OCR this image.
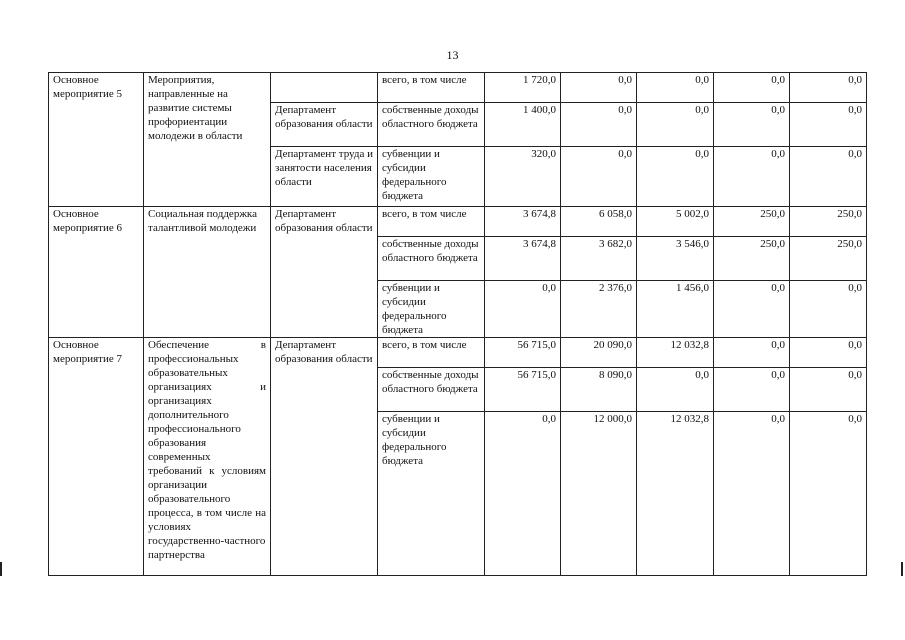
13
Основное мероприятие 5	Мероприятия, направленные на развитие системы профориентации молодежи в области		всего, в том числе	1 720,0	0,0	0,0	0,0	0,0
		Департамент образования области	собственные доходы областного бюджета	1 400,0	0,0	0,0	0,0	0,0
		Департамент труда и занятости населения области	субвенции и субсидии федерального бюджета	320,0	0,0	0,0	0,0	0,0
Основное мероприятие 6	Социальная поддержка талантливой молодежи	Департамент образования области	всего, в том числе	3 674,8	6 058,0	5 002,0	250,0	250,0
			собственные доходы областного бюджета	3 674,8	3 682,0	3 546,0	250,0	250,0
			субвенции и субсидии федерального бюджета	0,0	2 376,0	1 456,0	0,0	0,0
Основное мероприятие 7	Обеспечение в профессиональных образовательных организациях и организациях дополнительного профессионального образования современных требований к условиям организации образовательного процесса, в том числе на условиях государственно-частного партнерства	Департамент образования области	всего, в том числе	56 715,0	20 090,0	12 032,8	0,0	0,0
			собственные доходы областного бюджета	56 715,0	8 090,0	0,0	0,0	0,0
			субвенции и субсидии федерального бюджета	0,0	12 000,0	12 032,8	0,0	0,0
